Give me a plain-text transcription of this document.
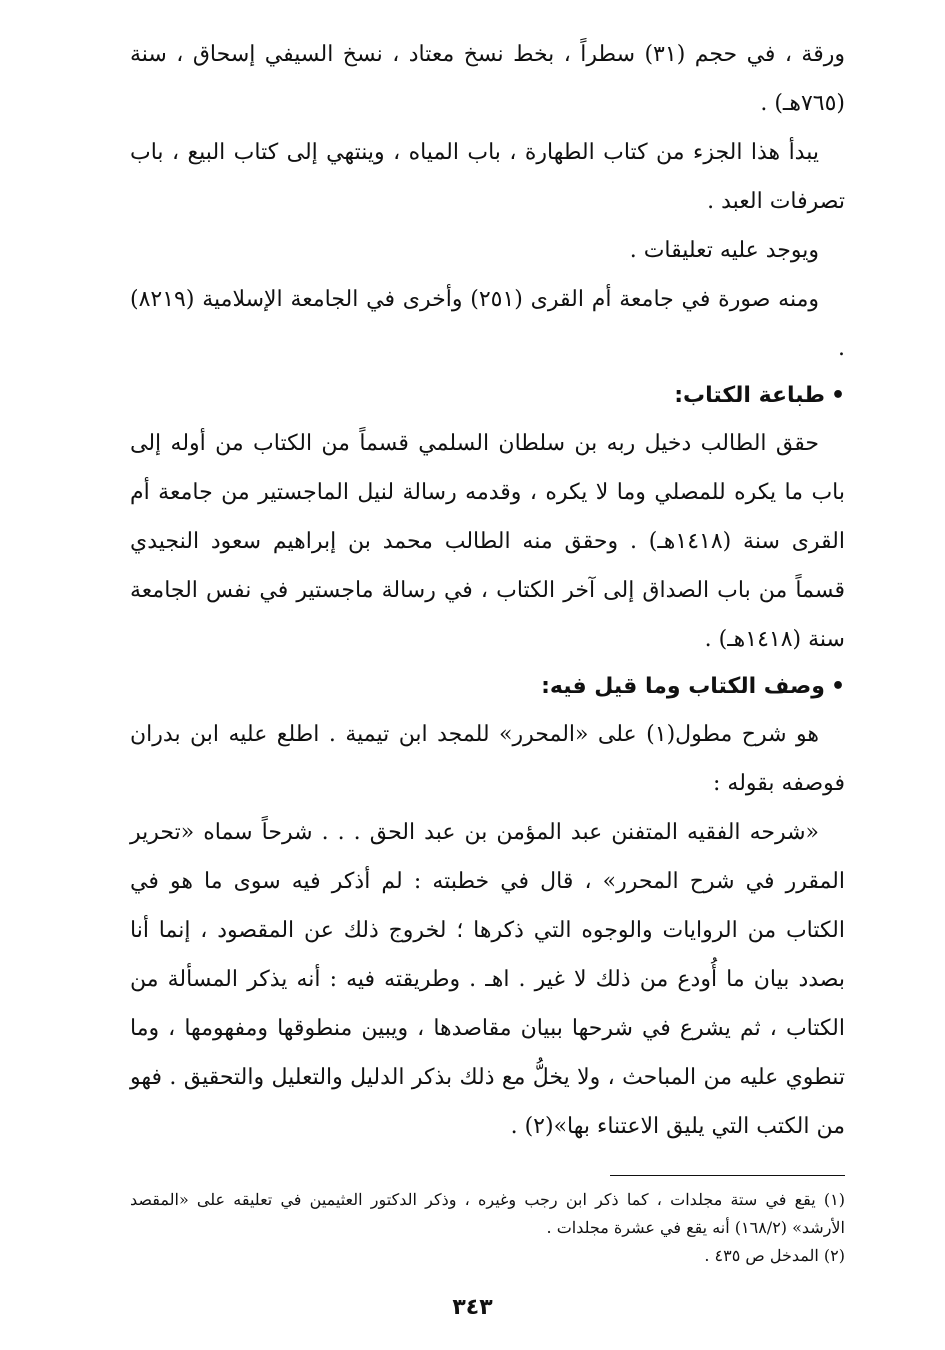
ورقة ، في حجم (٣١) سطراً ، بخط نسخ معتاد ، نسخ السيفي إسحاق ، سنة (٧٦٥هـ) .

يبدأ هذا الجزء من كتاب الطهارة ، باب المياه ، وينتهي إلى كتاب البيع ، باب تصرفات العبد .

ويوجد عليه تعليقات .

ومنه صورة في جامعة أم القرى (٢٥١) وأخرى في الجامعة الإسلامية (٨٢١٩) .

•طباعة الكتاب:

حقق الطالب دخيل ربه بن سلطان السلمي قسماً من الكتاب من أوله إلى باب ما يكره للمصلي وما لا يكره ، وقدمه رسالة لنيل الماجستير من جامعة أم القرى سنة (١٤١٨هـ) . وحقق منه الطالب محمد بن إبراهيم سعود النجيدي قسماً من باب الصداق إلى آخر الكتاب ، في رسالة ماجستير في نفس الجامعة سنة (١٤١٨هـ) .

•وصف الكتاب وما قيل فيه:

هو شرح مطول(١) على «المحرر» للمجد ابن تيمية . اطلع عليه ابن بدران فوصفه بقوله :

«شرحه الفقيه المتفنن عبد المؤمن بن عبد الحق . . . شرحاً سماه «تحرير المقرر في شرح المحرر» ، قال في خطبته : لم أذكر فيه سوى ما هو في الكتاب من الروايات والوجوه التي ذكرها ؛ لخروج ذلك عن المقصود ، إنما أنا بصدد بيان ما أُودع من ذلك لا غير . اهـ . وطريقته فيه : أنه يذكر المسألة من الكتاب ، ثم يشرع في شرحها ببيان مقاصدها ، ويبين منطوقها ومفهومها ، وما تنطوي عليه من المباحث ، ولا يخلُّ مع ذلك بذكر الدليل والتعليل والتحقيق . فهو من الكتب التي يليق الاعتناء بها»(٢) .

(١) يقع في ستة مجلدات ، كما ذكر ابن رجب وغيره ، وذكر الدكتور العثيمين في تعليقه على «المقصد الأرشد» (١٦٨/٢) أنه يقع في عشرة مجلدات .

(٢) المدخل ص ٤٣٥ .

٣٤٣
